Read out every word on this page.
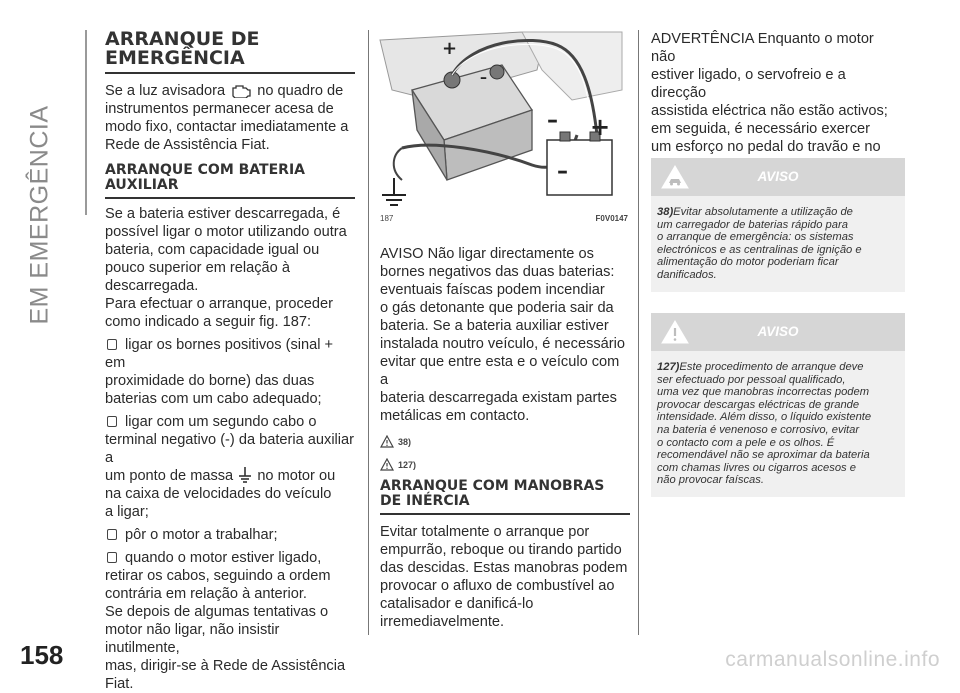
EM EMERGÊNCIA
158	carmanualsonline.info
ARRANQUE DE EMERGÊNCIA

Se a luz avisadora no quadro de

instrumentos permanecer acesa de

modo fixo, contactar imediatamente a

Rede de Assistência Fiat.

ARRANQUE COM BATERIA AUXILIAR

Se a bateria estiver descarregada, é

possível ligar o motor utilizando outra

bateria, com capacidade igual ou

pouco superior em relação à

descarregada.

Para efectuar o arranque, proceder

como indicado a seguir fig. 187:

ligar os bornes positivos (sinal + em

proximidade do borne) das duas

baterias com um cabo adequado;

ligar com um segundo cabo o

terminal negativo (-) da bateria auxiliar a

um ponto de massa no motor ou

na caixa de velocidades do veículo

a ligar;

pôr o motor a trabalhar;

quando o motor estiver ligado,

retirar os cabos, seguindo a ordem

contrária em relação à anterior.

Se depois de algumas tentativas o

motor não ligar, não insistir inutilmente,

mas, dirigir-se à Rede de Assistência

Fiat.

+
–
–
+
–
187	F0V0147

AVISO Não ligar directamente os

bornes negativos das duas baterias:

eventuais faíscas podem incendiar

o gás detonante que poderia sair da

bateria. Se a bateria auxiliar estiver

instalada noutro veículo, é necessário

evitar que entre esta e o veículo com a

bateria descarregada existam partes

metálicas em contacto.

38)
127)
ARRANQUE COM MANOBRAS DE INÉRCIA

Evitar totalmente o arranque por

empurrão, reboque ou tirando partido

das descidas. Estas manobras podem

provocar o afluxo de combustível ao

catalisador e danificá-lo

irremediavelmente.

ADVERTÊNCIA Enquanto o motor não

estiver ligado, o servofreio e a direcção

assistida eléctrica não estão activos;

em seguida, é necessário exercer

um esforço no pedal do travão e no

AVISO
38)Evitar absolutamente a utilização de
um carregador de baterias rápido para
o arranque de emergência: os sistemas
electrónicos e as centralinas de ignição e
alimentação do motor poderiam ficar
danificados.
AVISO
127)Este procedimento de arranque deve
ser efectuado por pessoal qualificado,
uma vez que manobras incorrectas podem
provocar descargas eléctricas de grande
intensidade. Além disso, o líquido existente
na bateria é venenoso e corrosivo, evitar
o contacto com a pele e os olhos. É
recomendável não se aproximar da bateria
com chamas livres ou cigarros acesos e
não provocar faíscas.
